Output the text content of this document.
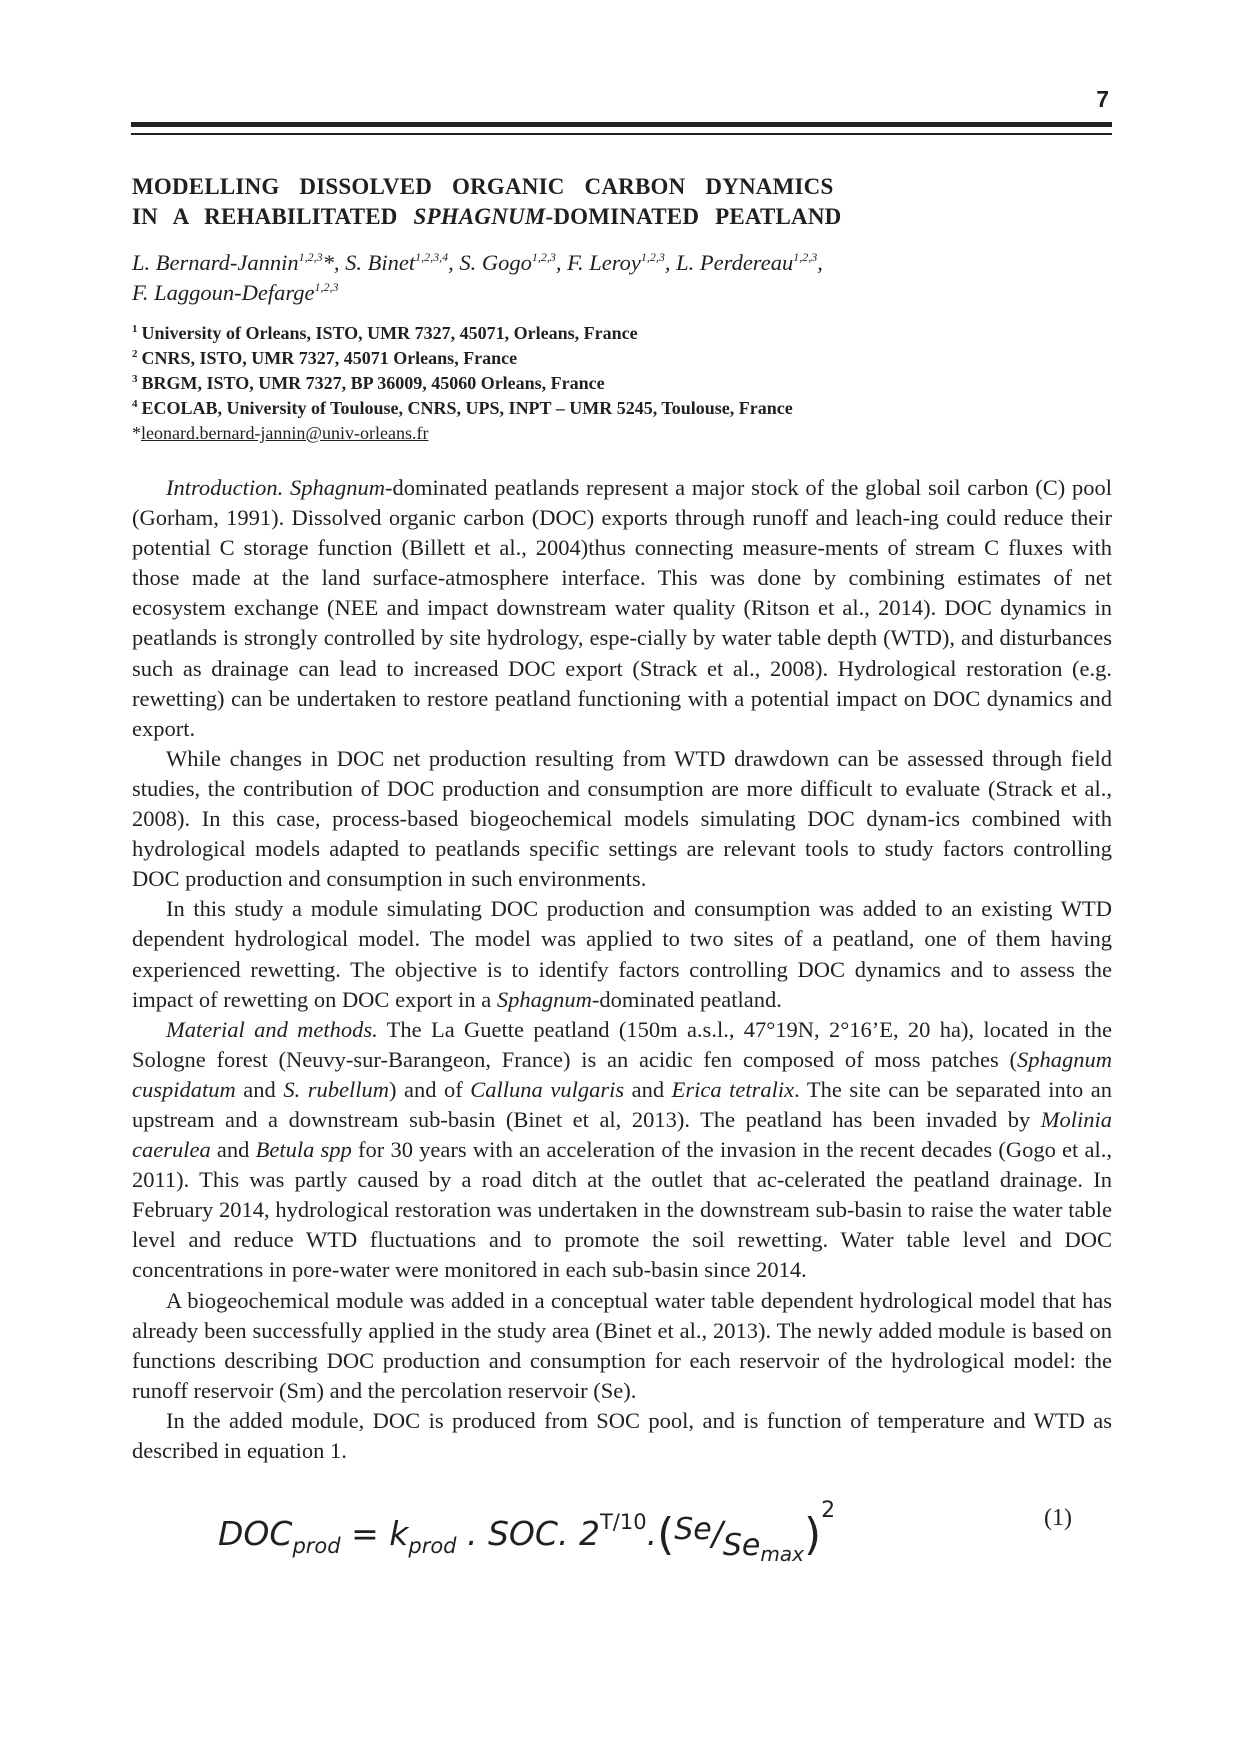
7
MODELLING DISSOLVED ORGANIC CARBON DYNAMICS
IN A REHABILITATED SPHAGNUM-DOMINATED PEATLAND
L. Bernard-Jannin$^{1,2,3}$*, S. Binet$^{1,2,3,4}$, S. Gogo$^{1,2,3}$, F. Leroy$^{1,2,3}$, L. Perdereau$^{1,2,3}$,
F. Laggoun-Defarge$^{1,2,3}$
$^1$ University of Orleans, ISTO, UMR 7327, 45071, Orleans, France
$^2$ CNRS, ISTO, UMR 7327, 45071 Orleans, France
$^3$ BRGM, ISTO, UMR 7327, BP 36009, 45060 Orleans, France
$^4$ ECOLAB, University of Toulouse, CNRS, UPS, INPT – UMR 5245, Toulouse, France
*leonard.bernard-jannin@univ-orleans.fr

Introduction. Sphagnum-dominated peatlands represent a major stock of the global soil carbon (C) pool (Gorham, 1991). Dissolved organic carbon (DOC) exports through runoff and leach-ing could reduce their potential C storage function (Billett et al., 2004)thus connecting measure-ments of stream C fluxes with those made at the land surface-atmosphere interface. This was done by combining estimates of net ecosystem exchange (NEE and impact downstream water quality (Ritson et al., 2014). DOC dynamics in peatlands is strongly controlled by site hydrology, espe-cially by water table depth (WTD), and disturbances such as drainage can lead to increased DOC export (Strack et al., 2008). Hydrological restoration (e.g. rewetting) can be undertaken to restore peatland functioning with a potential impact on DOC dynamics and export.

While changes in DOC net production resulting from WTD drawdown can be assessed through field studies, the contribution of DOC production and consumption are more difficult to evaluate (Strack et al., 2008). In this case, process-based biogeochemical models simulating DOC dynam-ics combined with hydrological models adapted to peatlands specific settings are relevant tools to study factors controlling DOC production and consumption in such environments.

In this study a module simulating DOC production and consumption was added to an existing WTD dependent hydrological model. The model was applied to two sites of a peatland, one of them having experienced rewetting. The objective is to identify factors controlling DOC dynamics and to assess the impact of rewetting on DOC export in a Sphagnum-dominated peatland.

Material and methods. The La Guette peatland (150m a.s.l., 47°19N, 2°16’E, 20 ha), located in the Sologne forest (Neuvy-sur-Barangeon, France) is an acidic fen composed of moss patches (Sphagnum cuspidatum and S. rubellum) and of Calluna vulgaris and Erica tetralix. The site can be separated into an upstream and a downstream sub-basin (Binet et al, 2013). The peatland has been invaded by Molinia caerulea and Betula spp for 30 years with an acceleration of the invasion in the recent decades (Gogo et al., 2011). This was partly caused by a road ditch at the outlet that ac-celerated the peatland drainage. In February 2014, hydrological restoration was undertaken in the downstream sub-basin to raise the water table level and reduce WTD fluctuations and to promote the soil rewetting. Water table level and DOC concentrations in pore-water were monitored in each sub-basin since 2014.

A biogeochemical module was added in a conceptual water table dependent hydrological model that has already been successfully applied in the study area (Binet et al., 2013). The newly added module is based on functions describing DOC production and consumption for each reservoir of the hydrological model: the runoff reservoir (Sm) and the percolation reservoir (Se).

In the added module, DOC is produced from SOC pool, and is function of temperature and WTD as described in equation 1.

$DOC_{prod} = k_{prod}$ . SOC. $2^{T/10}.(Se/Se_{max})^2$	(1)
